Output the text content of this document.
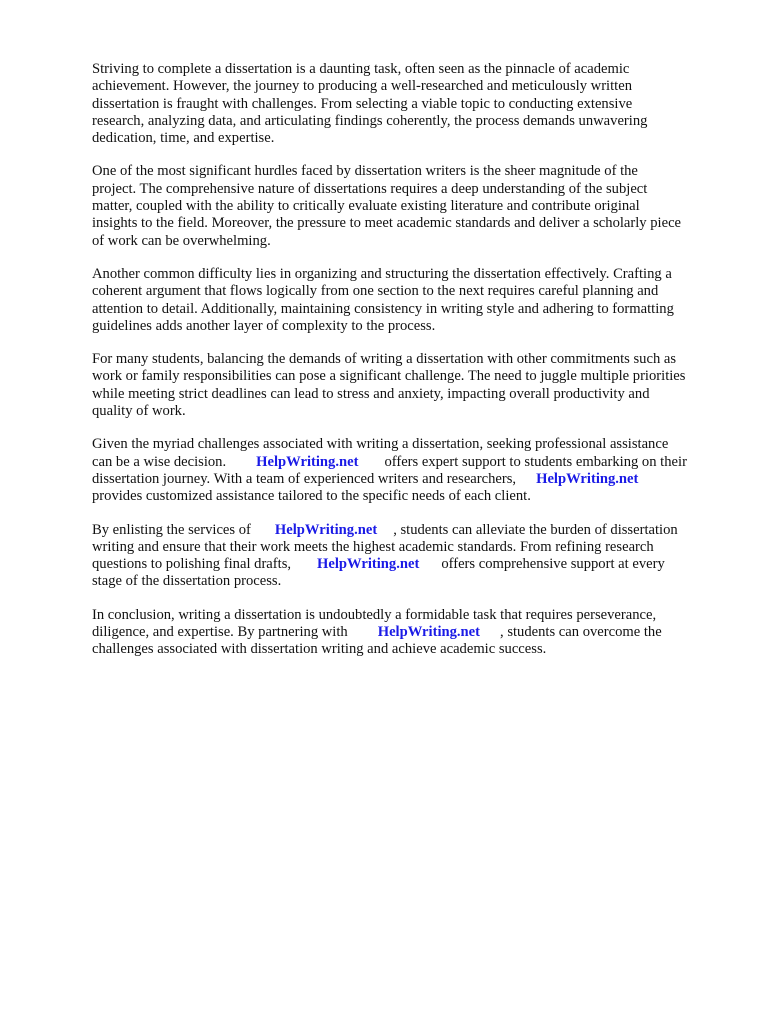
Striving to complete a dissertation is a daunting task, often seen as the pinnacle of academic
achievement. However, the journey to producing a well-researched and meticulously written
dissertation is fraught with challenges. From selecting a viable topic to conducting extensive
research, analyzing data, and articulating findings coherently, the process demands unwavering
dedication, time, and expertise.

One of the most significant hurdles faced by dissertation writers is the sheer magnitude of the
project. The comprehensive nature of dissertations requires a deep understanding of the subject
matter, coupled with the ability to critically evaluate existing literature and contribute original
insights to the field. Moreover, the pressure to meet academic standards and deliver a scholarly piece
of work can be overwhelming.

Another common difficulty lies in organizing and structuring the dissertation effectively. Crafting a
coherent argument that flows logically from one section to the next requires careful planning and
attention to detail. Additionally, maintaining consistency in writing style and adhering to formatting
guidelines adds another layer of complexity to the process.

For many students, balancing the demands of writing a dissertation with other commitments such as
work or family responsibilities can pose a significant challenge. The need to juggle multiple priorities
while meeting strict deadlines can lead to stress and anxiety, impacting overall productivity and
quality of work.

Given the myriad challenges associated with writing a dissertation, seeking professional assistance
can be a wise decision. HelpWriting.net offers expert support to students embarking on their
dissertation journey. With a team of experienced writers and researchers, HelpWriting.net
provides customized assistance tailored to the specific needs of each client.

By enlisting the services of HelpWriting.net , students can alleviate the burden of dissertation
writing and ensure that their work meets the highest academic standards. From refining research
questions to polishing final drafts, HelpWriting.net offers comprehensive support at every
stage of the dissertation process.

In conclusion, writing a dissertation is undoubtedly a formidable task that requires perseverance,
diligence, and expertise. By partnering with HelpWriting.net , students can overcome the
challenges associated with dissertation writing and achieve academic success.
